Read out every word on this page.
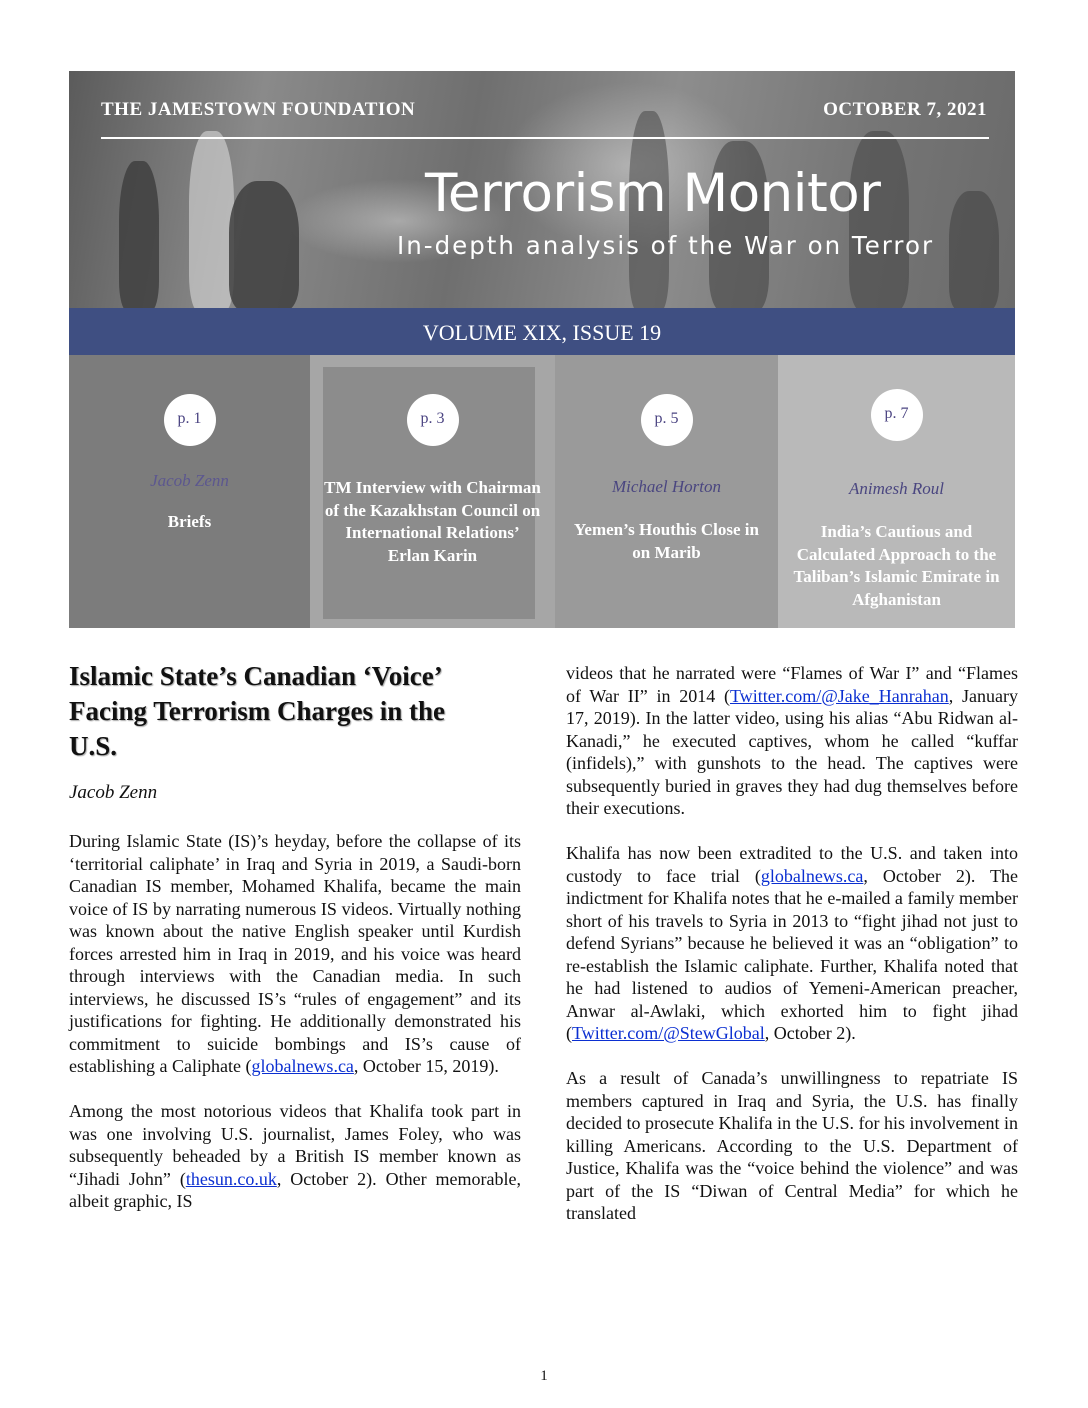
THE JAMESTOWN FOUNDATION	OCTOBER 7, 2021
Terrorism Monitor
In-depth analysis of the War on Terror
VOLUME XIX, ISSUE 19
p. 1
Jacob Zenn
Briefs
p. 3
TM Interview with Chairman of the Kazakhstan Council on International Relations’ Erlan Karin
p. 5
Michael Horton
Yemen’s Houthis Close in on Marib
p. 7
Animesh Roul
India’s Cautious and Calculated Approach to the Taliban’s Islamic Emirate in Afghanistan
Islamic State’s Canadian ‘Voice’ Facing Terrorism Charges in the U.S.
Jacob Zenn

During Islamic State (IS)’s heyday, before the collapse of its ‘territorial caliphate’ in Iraq and Syria in 2019, a Saudi-born Canadian IS member, Mohamed Khalifa, became the main voice of IS by narrating numerous IS videos. Virtually nothing was known about the native English speaker until Kurdish forces arrested him in Iraq in 2019, and his voice was heard through interviews with the Canadian media. In such interviews, he discussed IS’s “rules of engagement” and its justifications for fighting. He additionally demonstrated his commitment to suicide bombings and IS’s cause of establishing a Caliphate (globalnews.ca, October 15, 2019).

Among the most notorious videos that Khalifa took part in was one involving U.S. journalist, James Foley, who was subsequently beheaded by a British IS member known as “Jihadi John” (thesun.co.uk, October 2). Other memorable, albeit graphic, IS

videos that he narrated were “Flames of War I” and “Flames of War II” in 2014 (Twitter.com/@Jake_Hanrahan, January 17, 2019). In the latter video, using his alias “Abu Ridwan al-Kanadi,” he executed captives, whom he called “kuffar (infidels),” with gunshots to the head. The captives were subsequently buried in graves they had dug themselves before their executions.

Khalifa has now been extradited to the U.S. and taken into custody to face trial (globalnews.ca, October 2). The indictment for Khalifa notes that he e-mailed a family member short of his travels to Syria in 2013 to “fight jihad not just to defend Syrians” because he believed it was an “obligation” to re-establish the Islamic caliphate. Further, Khalifa noted that he had listened to audios of Yemeni-American preacher, Anwar al-Awlaki, which exhorted him to fight jihad (Twitter.com/@StewGlobal, October 2).

As a result of Canada’s unwillingness to repatriate IS members captured in Iraq and Syria, the U.S. has finally decided to prosecute Khalifa in the U.S. for his involvement in killing Americans. According to the U.S. Department of Justice, Khalifa was the “voice behind the violence” and was part of the IS “Diwan of Central Media” for which he translated

1
